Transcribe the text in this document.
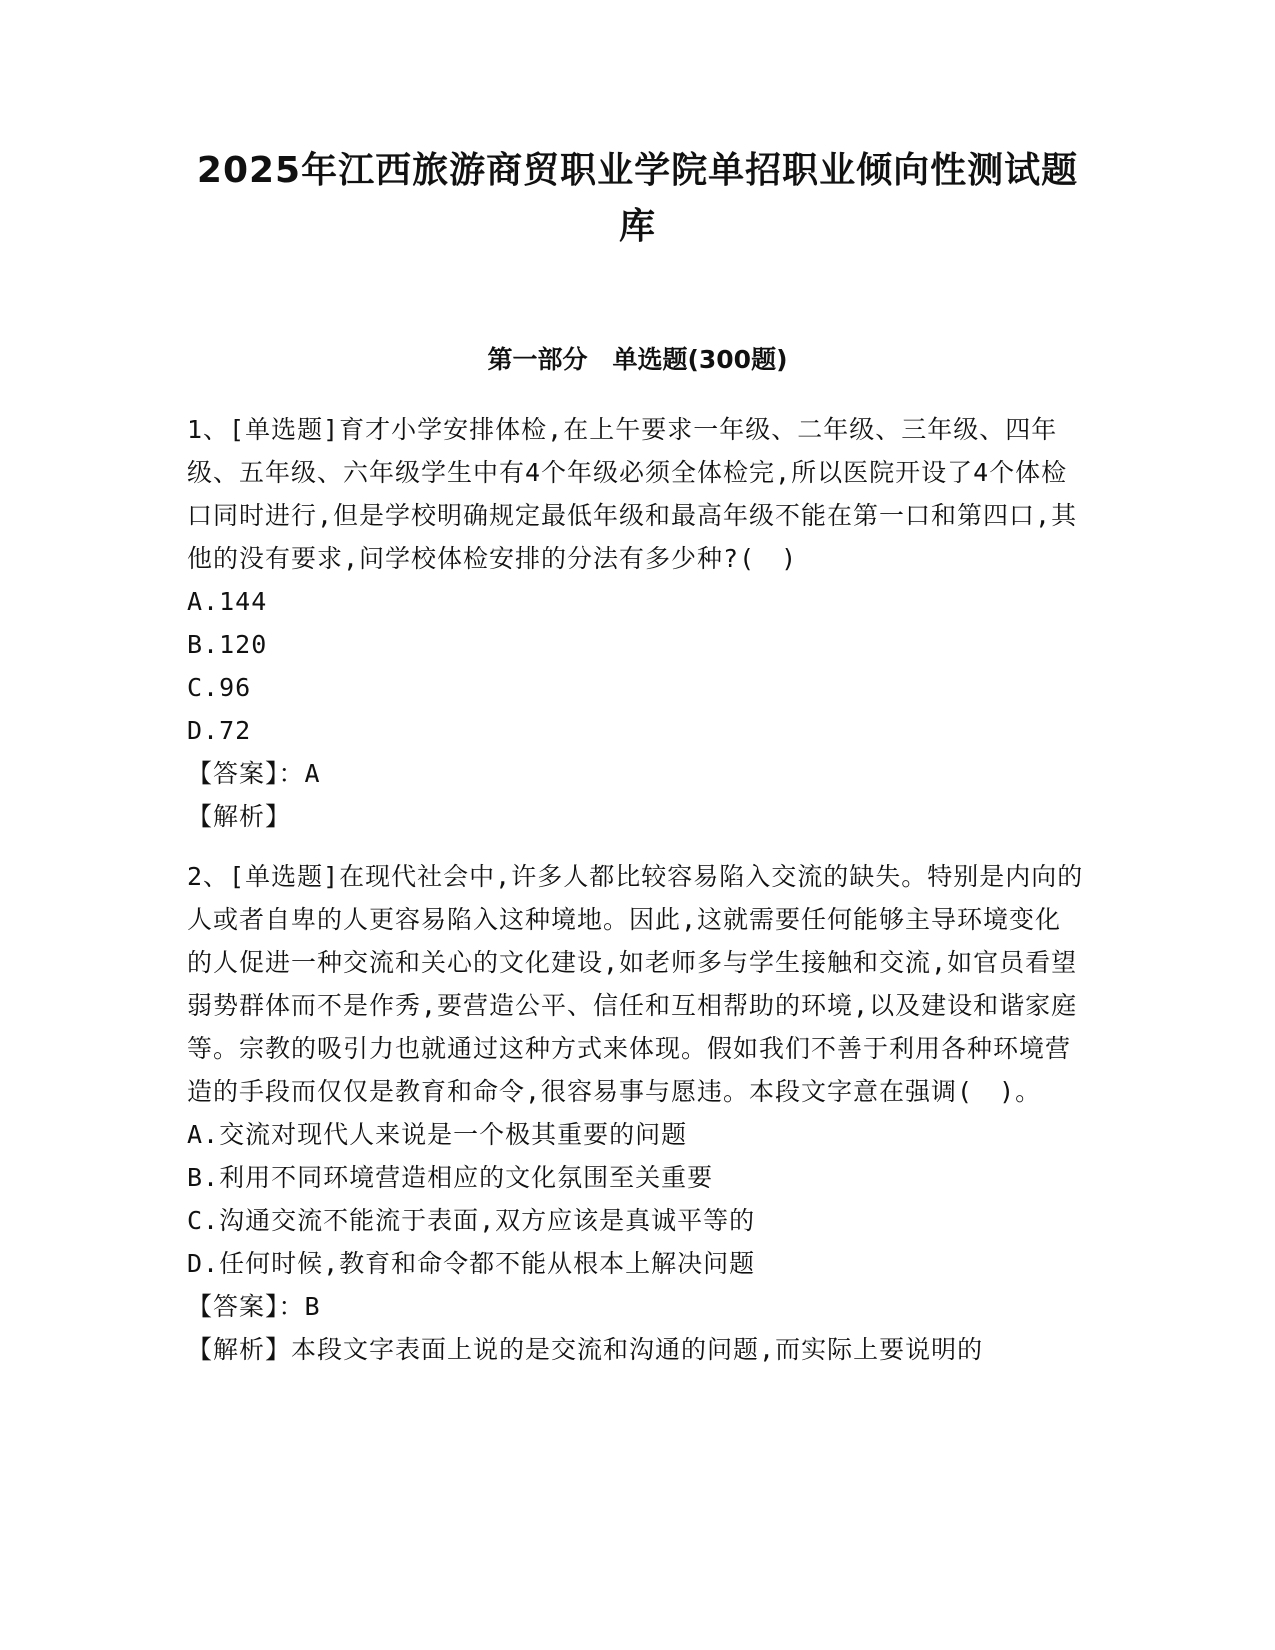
2025年江西旅游商贸职业学院单招职业倾向性测试题
库
第一部分　单选题(300题)

1、[单选题]育才小学安排体检,在上午要求一年级、二年级、三年级、四年级、五年级、六年级学生中有4个年级必须全体检完,所以医院开设了4个体检口同时进行,但是学校明确规定最低年级和最高年级不能在第一口和第四口,其他的没有要求,问学校体检安排的分法有多少种?(　)

A.144

B.120

C.96

D.72

【答案】：A

【解析】

2、[单选题]在现代社会中,许多人都比较容易陷入交流的缺失。特别是内向的人或者自卑的人更容易陷入这种境地。因此,这就需要任何能够主导环境变化的人促进一种交流和关心的文化建设,如老师多与学生接触和交流,如官员看望弱势群体而不是作秀,要营造公平、信任和互相帮助的环境,以及建设和谐家庭等。宗教的吸引力也就通过这种方式来体现。假如我们不善于利用各种环境营造的手段而仅仅是教育和命令,很容易事与愿违。本段文字意在强调(　)。

A.交流对现代人来说是一个极其重要的问题

B.利用不同环境营造相应的文化氛围至关重要

C.沟通交流不能流于表面,双方应该是真诚平等的

D.任何时候,教育和命令都不能从根本上解决问题

【答案】：B

【解析】本段文字表面上说的是交流和沟通的问题,而实际上要说明的
